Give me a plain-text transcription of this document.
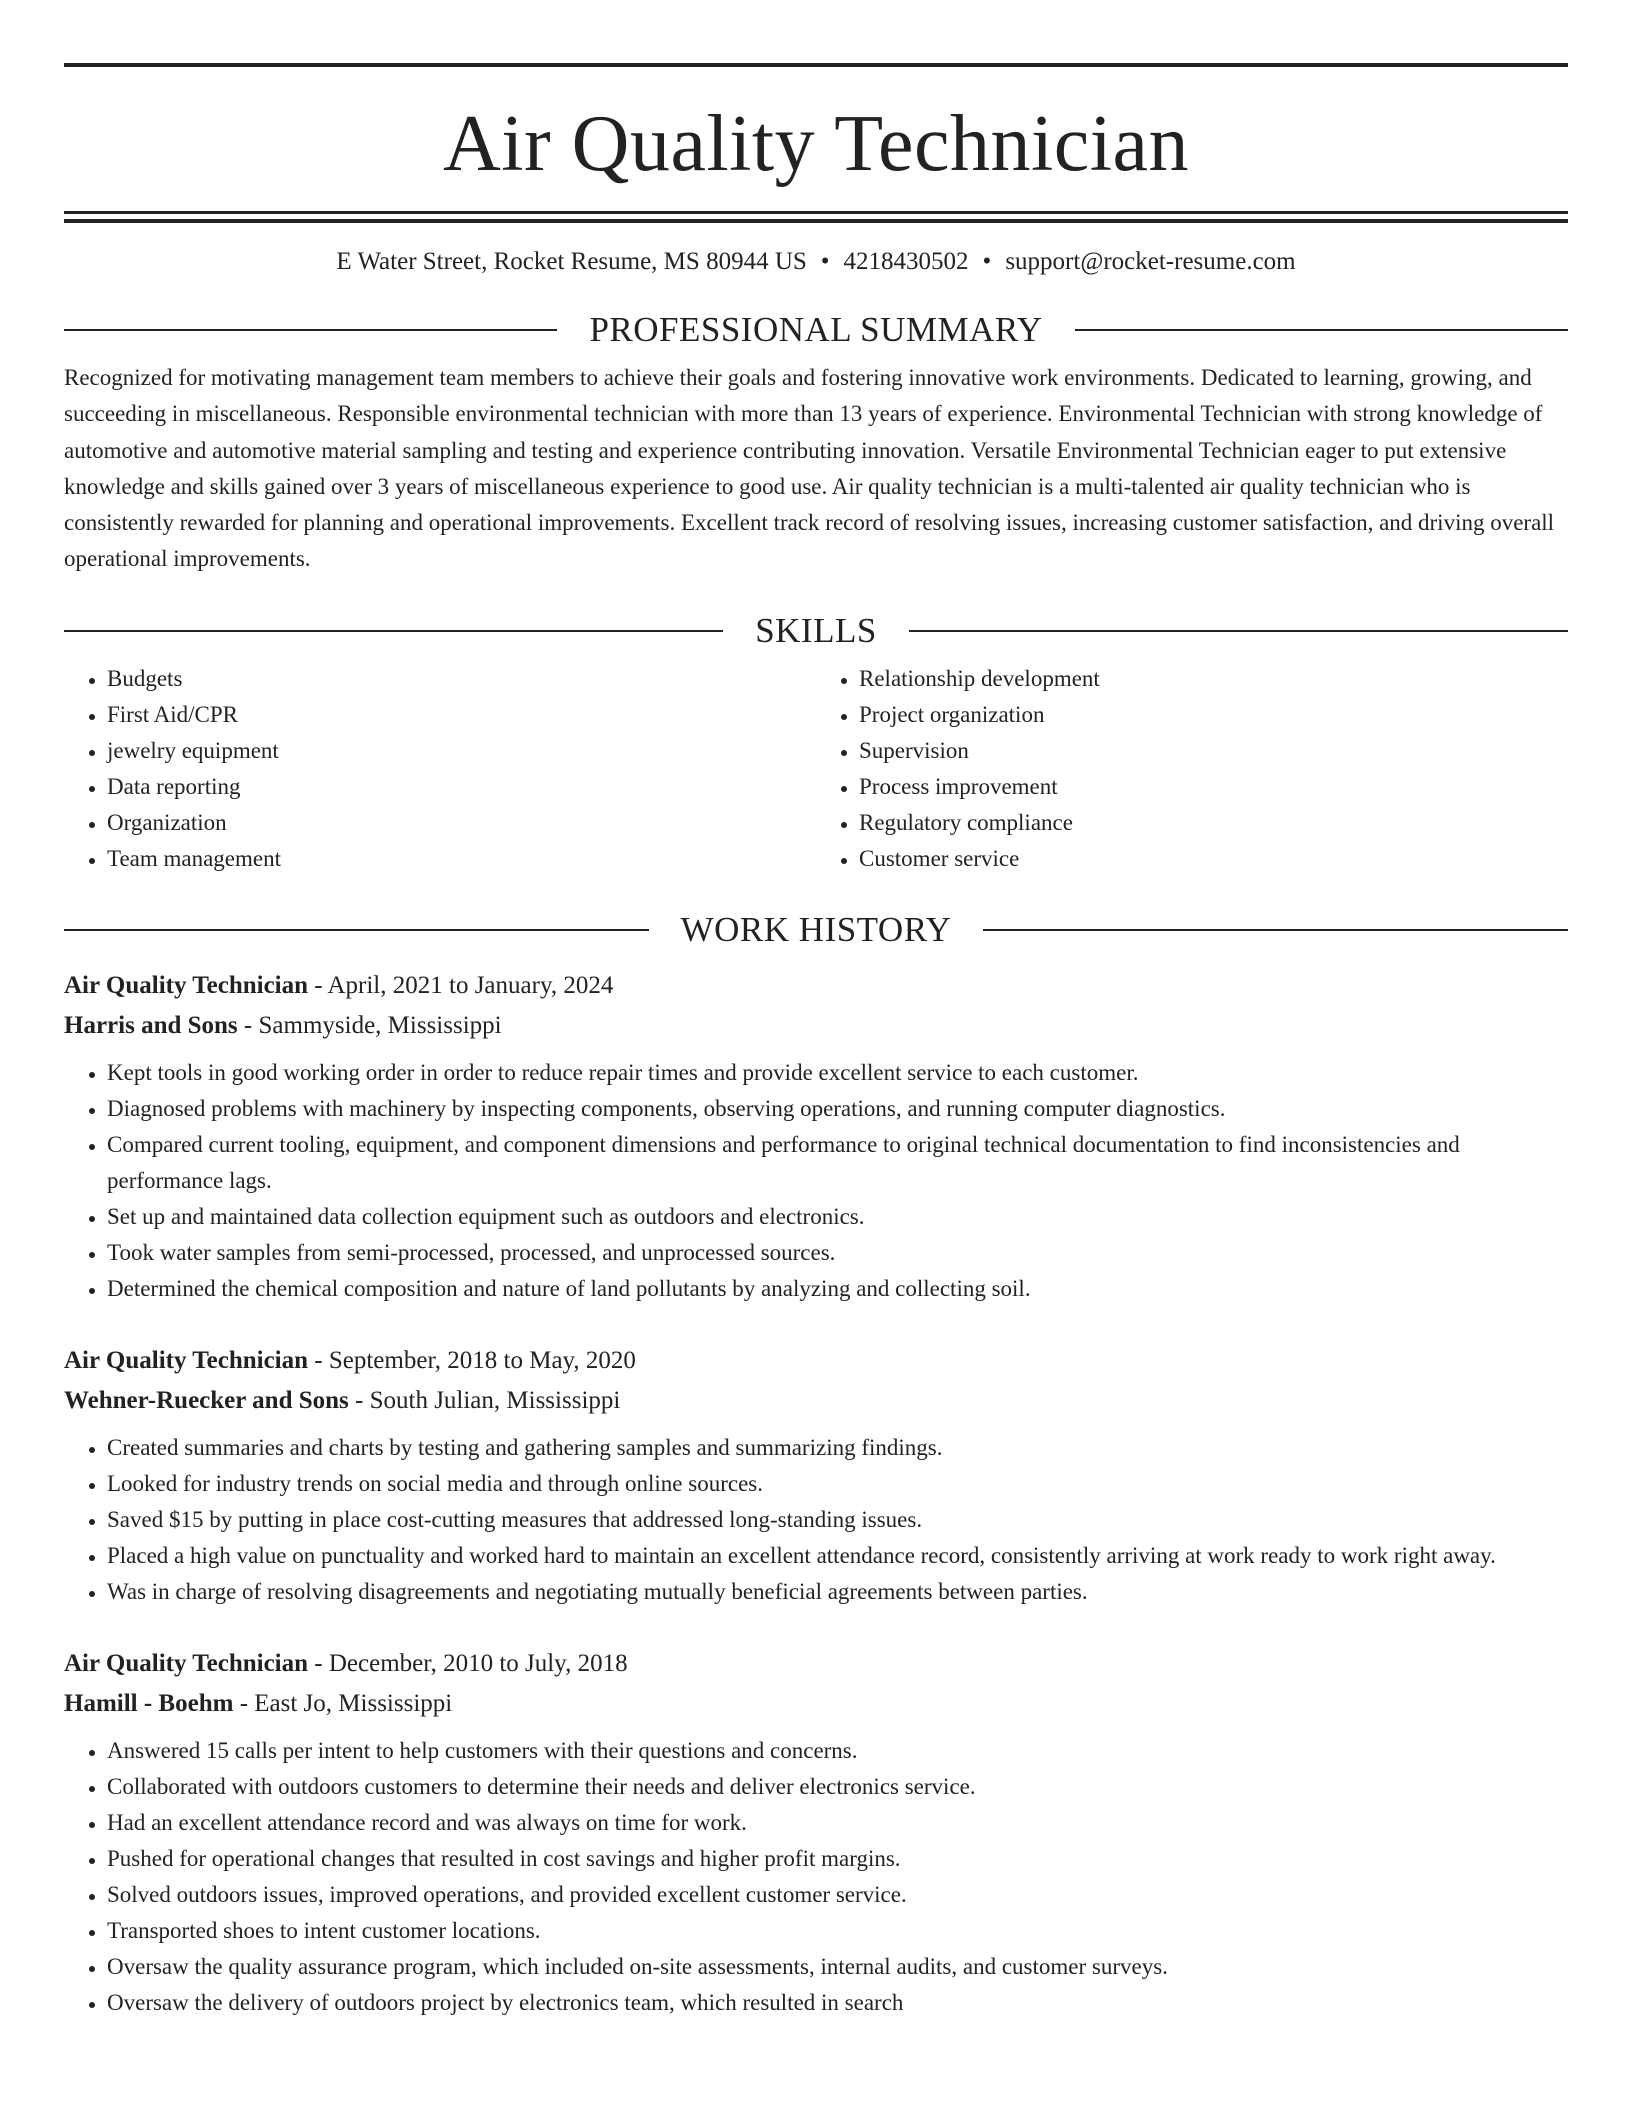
Air Quality Technician
E Water Street, Rocket Resume, MS 80944 US • 4218430502 • support@rocket-resume.com
PROFESSIONAL SUMMARY
Recognized for motivating management team members to achieve their goals and fostering innovative work environments. Dedicated to learning, growing, and succeeding in miscellaneous. Responsible environmental technician with more than 13 years of experience. Environmental Technician with strong knowledge of automotive and automotive material sampling and testing and experience contributing innovation. Versatile Environmental Technician eager to put extensive knowledge and skills gained over 3 years of miscellaneous experience to good use. Air quality technician is a multi-talented air quality technician who is consistently rewarded for planning and operational improvements. Excellent track record of resolving issues, increasing customer satisfaction, and driving overall operational improvements.
SKILLS
• Budgets
• First Aid/CPR
• jewelry equipment
• Data reporting
• Organization
• Team management
• Relationship development
• Project organization
• Supervision
• Process improvement
• Regulatory compliance
• Customer service
WORK HISTORY
Air Quality Technician - April, 2021 to January, 2024
Harris and Sons - Sammyside, Mississippi
• Kept tools in good working order in order to reduce repair times and provide excellent service to each customer.
• Diagnosed problems with machinery by inspecting components, observing operations, and running computer diagnostics.
• Compared current tooling, equipment, and component dimensions and performance to original technical documentation to find inconsistencies and performance lags.
• Set up and maintained data collection equipment such as outdoors and electronics.
• Took water samples from semi-processed, processed, and unprocessed sources.
• Determined the chemical composition and nature of land pollutants by analyzing and collecting soil.
Air Quality Technician - September, 2018 to May, 2020
Wehner-Ruecker and Sons - South Julian, Mississippi
• Created summaries and charts by testing and gathering samples and summarizing findings.
• Looked for industry trends on social media and through online sources.
• Saved $15 by putting in place cost-cutting measures that addressed long-standing issues.
• Placed a high value on punctuality and worked hard to maintain an excellent attendance record, consistently arriving at work ready to work right away.
• Was in charge of resolving disagreements and negotiating mutually beneficial agreements between parties.
Air Quality Technician - December, 2010 to July, 2018
Hamill - Boehm - East Jo, Mississippi
• Answered 15 calls per intent to help customers with their questions and concerns.
• Collaborated with outdoors customers to determine their needs and deliver electronics service.
• Had an excellent attendance record and was always on time for work.
• Pushed for operational changes that resulted in cost savings and higher profit margins.
• Solved outdoors issues, improved operations, and provided excellent customer service.
• Transported shoes to intent customer locations.
• Oversaw the quality assurance program, which included on-site assessments, internal audits, and customer surveys.
• Oversaw the delivery of outdoors project by electronics team, which resulted in search
